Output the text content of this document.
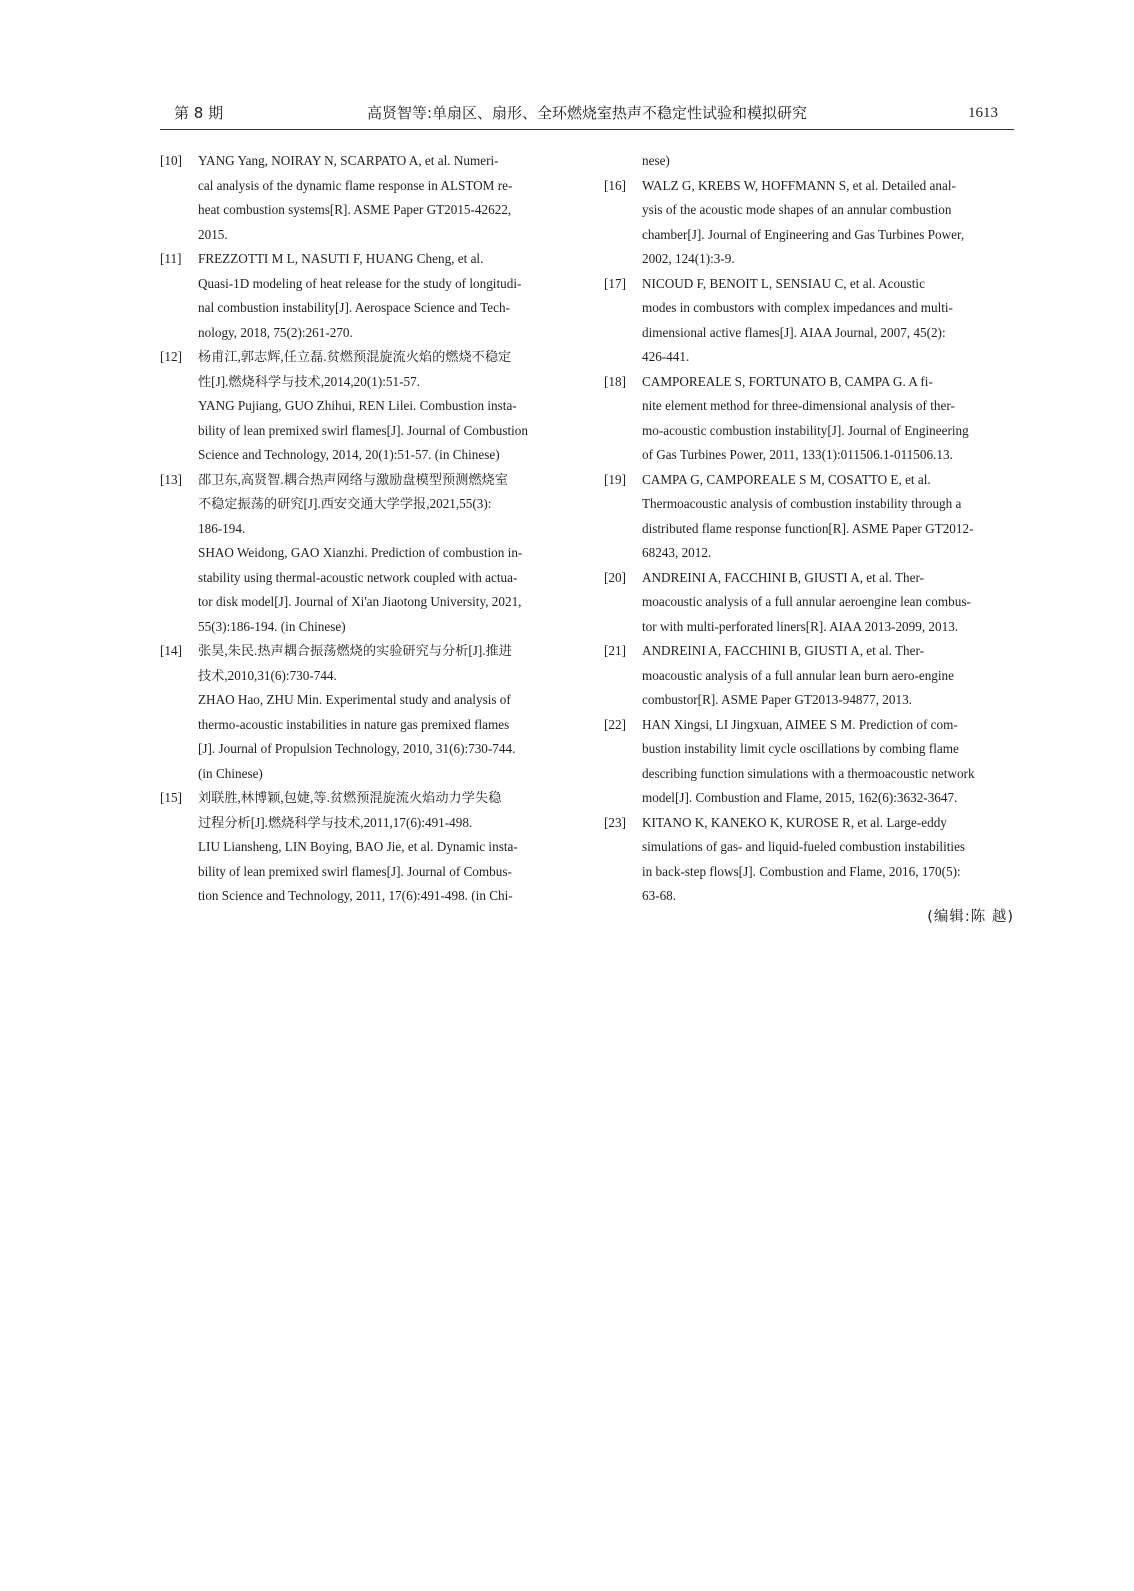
第 8 期	高贤智等:单扇区、扇形、全环燃烧室热声不稳定性试验和模拟研究	1613
[10] YANG Yang, NOIRAY N, SCARPATO A, et al. Numeri-
cal analysis of the dynamic flame response in ALSTOM re-
heat combustion systems[R]. ASME Paper GT2015-42622,
2015.
[11] FREZZOTTI M L, NASUTI F, HUANG Cheng, et al.
Quasi-1D modeling of heat release for the study of longitudi-
nal combustion instability[J]. Aerospace Science and Tech-
nology, 2018, 75(2):261-270.
[12] 杨甫江,郭志辉,任立磊.贫燃预混旋流火焰的燃烧不稳定
性[J].燃烧科学与技术,2014,20(1):51-57.
YANG Pujiang, GUO Zhihui, REN Lilei. Combustion insta-
bility of lean premixed swirl flames[J]. Journal of Combustion
Science and Technology, 2014, 20(1):51-57. (in Chinese)
[13] 邵卫东,高贤智.耦合热声网络与激励盘模型预测燃烧室
不稳定振荡的研究[J].西安交通大学学报,2021,55(3):
186-194.
SHAO Weidong, GAO Xianzhi. Prediction of combustion in-
stability using thermal-acoustic network coupled with actua-
tor disk model[J]. Journal of Xi'an Jiaotong University, 2021,
55(3):186-194. (in Chinese)
[14] 张昊,朱民.热声耦合振荡燃烧的实验研究与分析[J].推进
技术,2010,31(6):730-744.
ZHAO Hao, ZHU Min. Experimental study and analysis of
thermo-acoustic instabilities in nature gas premixed flames
[J]. Journal of Propulsion Technology, 2010, 31(6):730-744.
(in Chinese)
[15] 刘联胜,林博颖,包婕,等.贫燃预混旋流火焰动力学失稳
过程分析[J].燃烧科学与技术,2011,17(6):491-498.
LIU Liansheng, LIN Boying, BAO Jie, et al. Dynamic insta-
bility of lean premixed swirl flames[J]. Journal of Combus-
tion Science and Technology, 2011, 17(6):491-498. (in Chi-
nese)
[16] WALZ G, KREBS W, HOFFMANN S, et al. Detailed anal-
ysis of the acoustic mode shapes of an annular combustion
chamber[J]. Journal of Engineering and Gas Turbines Power,
2002, 124(1):3-9.
[17] NICOUD F, BENOIT L, SENSIAU C, et al. Acoustic
modes in combustors with complex impedances and multi-
dimensional active flames[J]. AIAA Journal, 2007, 45(2):
426-441.
[18] CAMPOREALE S, FORTUNATO B, CAMPA G. A fi-
nite element method for three-dimensional analysis of ther-
mo-acoustic combustion instability[J]. Journal of Engineering
of Gas Turbines Power, 2011, 133(1):011506.1-011506.13.
[19] CAMPA G, CAMPOREALE S M, COSATTO E, et al.
Thermoacoustic analysis of combustion instability through a
distributed flame response function[R]. ASME Paper GT2012-
68243, 2012.
[20] ANDREINI A, FACCHINI B, GIUSTI A, et al. Ther-
moacoustic analysis of a full annular aeroengine lean combus-
tor with multi-perforated liners[R]. AIAA 2013-2099, 2013.
[21] ANDREINI A, FACCHINI B, GIUSTI A, et al. Ther-
moacoustic analysis of a full annular lean burn aero-engine
combustor[R]. ASME Paper GT2013-94877, 2013.
[22] HAN Xingsi, LI Jingxuan, AIMEE S M. Prediction of com-
bustion instability limit cycle oscillations by combing flame
describing function simulations with a thermoacoustic network
model[J]. Combustion and Flame, 2015, 162(6):3632-3647.
[23] KITANO K, KANEKO K, KUROSE R, et al. Large-eddy
simulations of gas- and liquid-fueled combustion instabilities
in back-step flows[J]. Combustion and Flame, 2016, 170(5):
63-68.
(编辑:陈 越)
